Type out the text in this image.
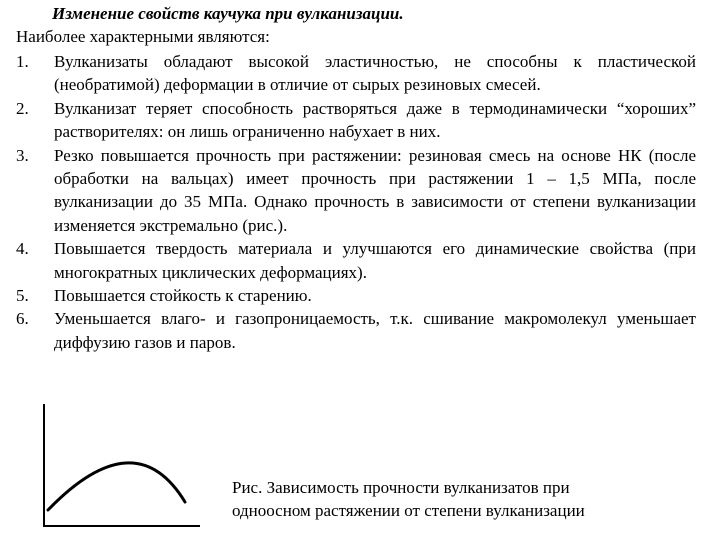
Изменение свойств каучука при вулканизации.
Наиболее характерными являются:
1. Вулканизаты обладают высокой эластичностью, не способны к пластической (необратимой) деформации в отличие от сырых резиновых смесей.
2. Вулканизат теряет способность растворяться даже в термодинамически “хороших” растворителях: он лишь ограниченно набухает в них.
3. Резко повышается прочность при растяжении: резиновая смесь на основе НК (после обработки на вальцах) имеет прочность при растяжении 1 – 1,5 МПа, после вулканизации до 35 МПа. Однако прочность в зависимости от степени вулканизации изменяется экстремально (рис.).
4. Повышается твердость материала и улучшаются его динамические свойства (при многократных циклических деформациях).
5. Повышается стойкость к старению.
6. Уменьшается влаго- и газопроницаемость, т.к. сшивание макромолекул уменьшает диффузию газов и паров.
Рис. Зависимость прочности вулканизатов при одноосном растяжении от степени вулканизации
